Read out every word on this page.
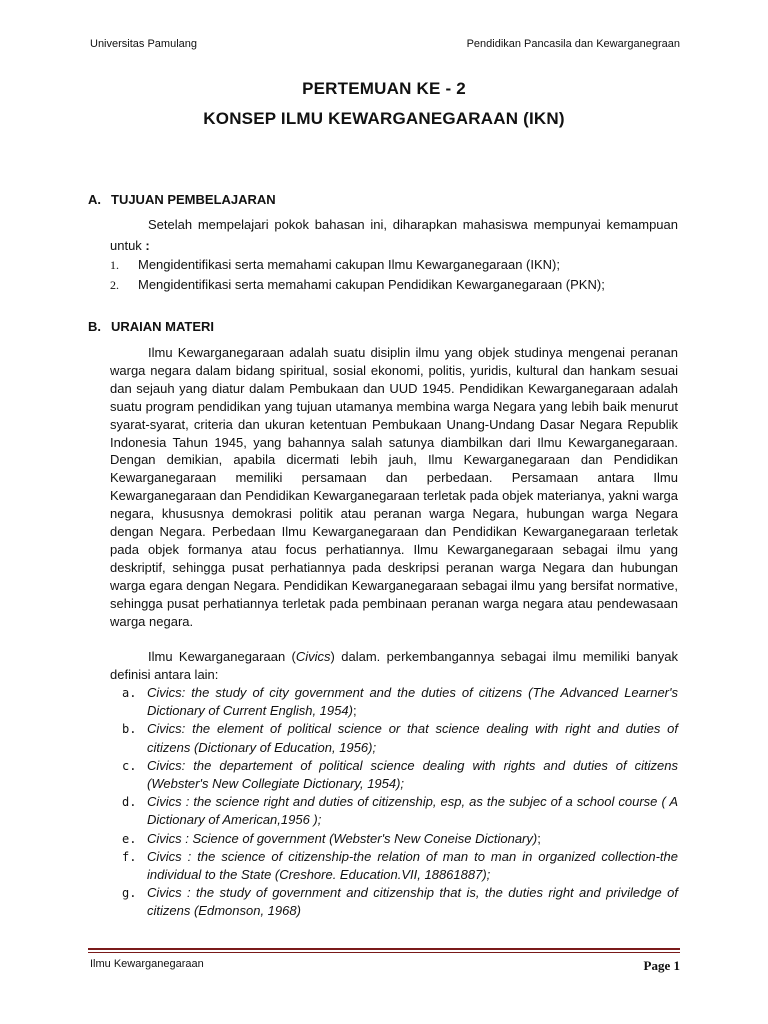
Universitas Pamulang	Pendidikan Pancasila dan Kewarganegraan
PERTEMUAN KE - 2
KONSEP ILMU KEWARGANEGARAAN (IKN)
A. TUJUAN PEMBELAJARAN
Setelah mempelajari pokok bahasan ini, diharapkan mahasiswa mempunyai kemampuan untuk :
1. Mengidentifikasi serta memahami cakupan Ilmu Kewarganegaraan (IKN);
2. Mengidentifikasi serta memahami cakupan Pendidikan Kewarganegaraan (PKN);
B. URAIAN MATERI
Ilmu Kewarganegaraan adalah suatu disiplin ilmu yang objek studinya mengenai peranan warga negara dalam bidang spiritual, sosial ekonomi, politis, yuridis, kultural dan hankam sesuai dan sejauh yang diatur dalam Pembukaan dan UUD 1945. Pendidikan Kewarganegaraan adalah suatu program pendidikan yang tujuan utamanya membina warga Negara yang lebih baik menurut syarat-syarat, criteria dan ukuran ketentuan Pembukaan Unang-Undang Dasar Negara Republik Indonesia Tahun 1945, yang bahannya salah satunya diambilkan dari Ilmu Kewarganegaraan. Dengan demikian, apabila dicermati lebih jauh, Ilmu Kewarganegaraan dan Pendidikan Kewarganegaraan memiliki persamaan dan perbedaan. Persamaan antara Ilmu Kewarganegaraan dan Pendidikan Kewarganegaraan terletak pada objek materianya, yakni warga negara, khususnya demokrasi politik atau peranan warga Negara, hubungan warga Negara dengan Negara. Perbedaan Ilmu Kewarganegaraan dan Pendidikan Kewarganegaraan terletak pada objek formanya atau focus perhatiannya. Ilmu Kewarganegaraan sebagai ilmu yang deskriptif, sehingga pusat perhatiannya pada deskripsi peranan warga Negara dan hubungan warga egara dengan Negara. Pendidikan Kewarganegaraan sebagai ilmu yang bersifat normative, sehingga pusat perhatiannya terletak pada pembinaan peranan warga negara atau pendewasaan warga negara.
Ilmu Kewarganegaraan (Civics) dalam. perkembangannya sebagai ilmu memiliki banyak definisi antara lain:
a. Civics: the study of city government and the duties of citizens (The Advanced Learner's Dictionary of Current English, 1954);
b. Civics: the element of political science or that science dealing with right and duties of citizens (Dictionary of Education, 1956);
c. Civics: the departement of political science dealing with rights and duties of citizens (Webster's New Collegiate Dictionary, 1954);
d. Civics : the science right and duties of citizenship, esp, as the subjec of a school course ( A Dictionary of American,1956 );
e. Civics : Science of government (Webster's New Coneise Dictionary);
f. Civics : the science of citizenship-the relation of man to man in organized collection-the individual to the State (Creshore. Education.VII, 18861887);
g. Civics : the study of government and citizenship that is, the duties right and priviledge of citizens (Edmonson, 1968)
Ilmu Kewarganegaraan	Page 1
